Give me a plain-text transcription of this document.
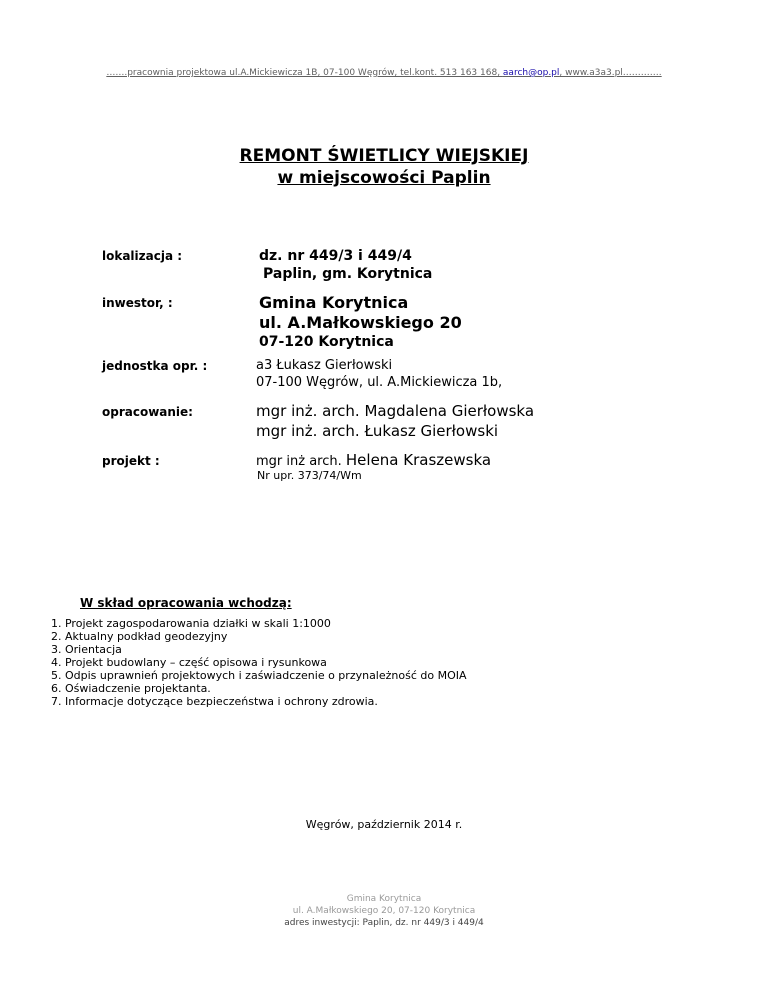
…….pracownia projektowa ul.A.Mickiewicza 1B, 07-100 Węgrów, tel.kont. 513 163 168, aarch@op.pl, www.a3a3.pl………….
REMONT ŚWIETLICY WIEJSKIEJ
w miejscowości Paplin
lokalizacja :	dz. nr 449/3 i 449/4
Paplin, gm. Korytnica
inwestor, :	Gmina Korytnica
ul. A.Małkowskiego 20
07-120 Korytnica
jednostka opr. :	a3 Łukasz Gierłowski
07-100 Węgrów, ul. A.Mickiewicza 1b,
opracowanie:	mgr inż. arch. Magdalena Gierłowska
mgr inż. arch. Łukasz Gierłowski
projekt :	mgr inż arch. Helena Kraszewska
Nr upr. 373/74/Wm
W skład opracowania wchodzą:
1. Projekt zagospodarowania działki w skali 1:1000
2. Aktualny podkład geodezyjny
3. Orientacja
4. Projekt budowlany – część opisowa i rysunkowa
5. Odpis uprawnień projektowych i zaświadczenie o przynależność do MOIA
6. Oświadczenie projektanta.
7. Informacje dotyczące bezpieczeństwa i ochrony zdrowia.
Węgrów, październik 2014 r.
Gmina Korytnica
ul. A.Małkowskiego 20, 07-120 Korytnica
adres inwestycji: Paplin, dz. nr 449/3 i 449/4
